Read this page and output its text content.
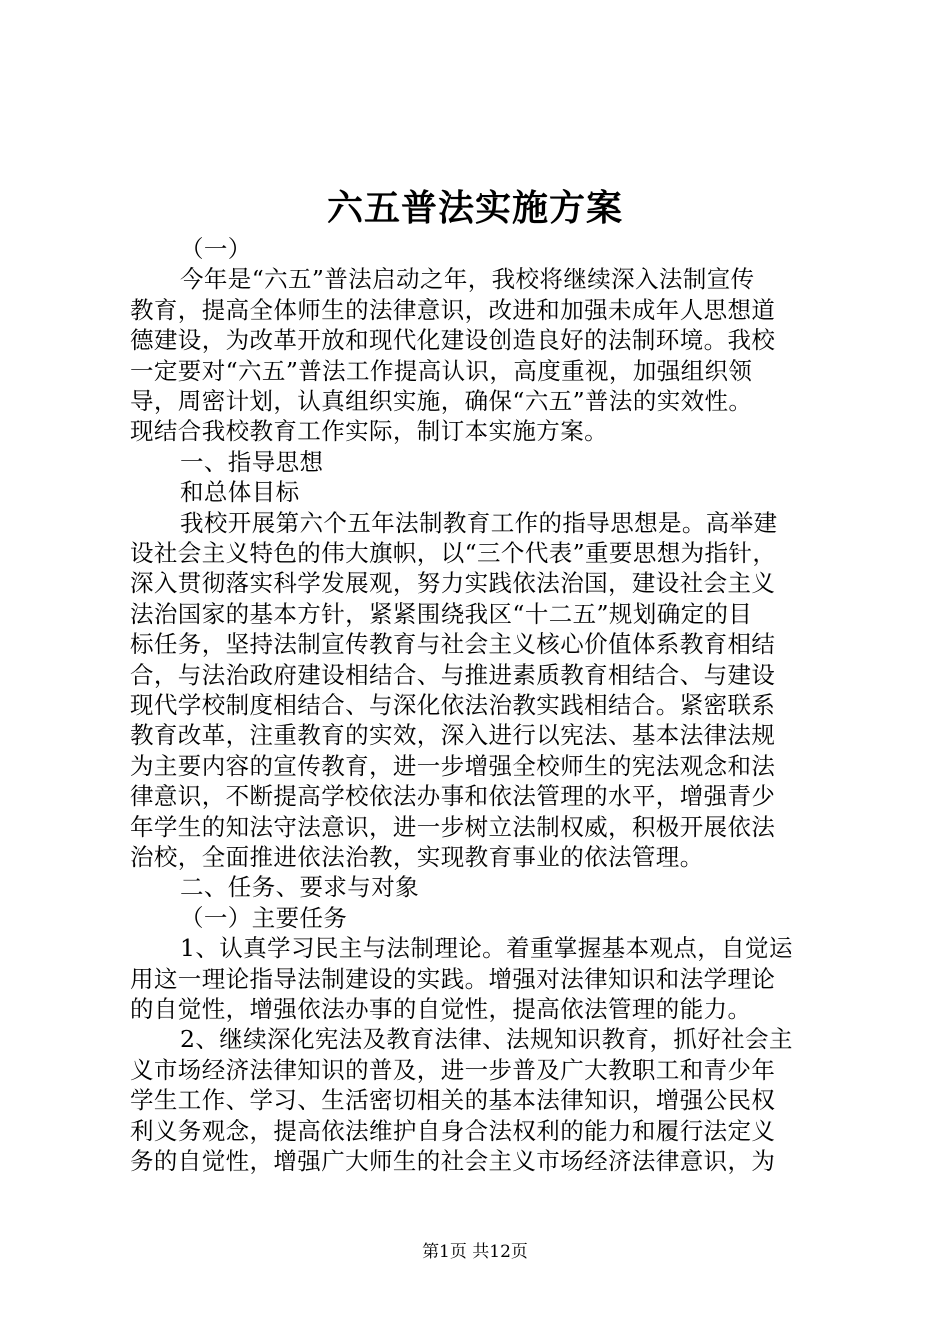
六五普法实施方案
（一）
今年是“六五”普法启动之年，我校将继续深入法制宣传
教育，提高全体师生的法律意识，改进和加强未成年人思想道
德建设，为改革开放和现代化建设创造良好的法制环境。我校
一定要对“六五”普法工作提高认识，高度重视，加强组织领
导，周密计划，认真组织实施，确保“六五”普法的实效性。
现结合我校教育工作实际，制订本实施方案。
一、指导思想
和总体目标
我校开展第六个五年法制教育工作的指导思想是。高举建
设社会主义特色的伟大旗帜，以“三个代表”重要思想为指针，
深入贯彻落实科学发展观，努力实践依法治国，建设社会主义
法治国家的基本方针，紧紧围绕我区“十二五”规划确定的目
标任务，坚持法制宣传教育与社会主义核心价值体系教育相结
合，与法治政府建设相结合、与推进素质教育相结合、与建设
现代学校制度相结合、与深化依法治教实践相结合。紧密联系
教育改革，注重教育的实效，深入进行以宪法、基本法律法规
为主要内容的宣传教育，进一步增强全校师生的宪法观念和法
律意识，不断提高学校依法办事和依法管理的水平，增强青少
年学生的知法守法意识，进一步树立法制权威，积极开展依法
治校，全面推进依法治教，实现教育事业的依法管理。
二、任务、要求与对象
（一）主要任务
1、认真学习民主与法制理论。着重掌握基本观点，自觉运
用这一理论指导法制建设的实践。增强对法律知识和法学理论
的自觉性，增强依法办事的自觉性，提高依法管理的能力。
2、继续深化宪法及教育法律、法规知识教育，抓好社会主
义市场经济法律知识的普及，进一步普及广大教职工和青少年
学生工作、学习、生活密切相关的基本法律知识，增强公民权
利义务观念，提高依法维护自身合法权利的能力和履行法定义
务的自觉性，增强广大师生的社会主义市场经济法律意识，为
第1页 共12页
